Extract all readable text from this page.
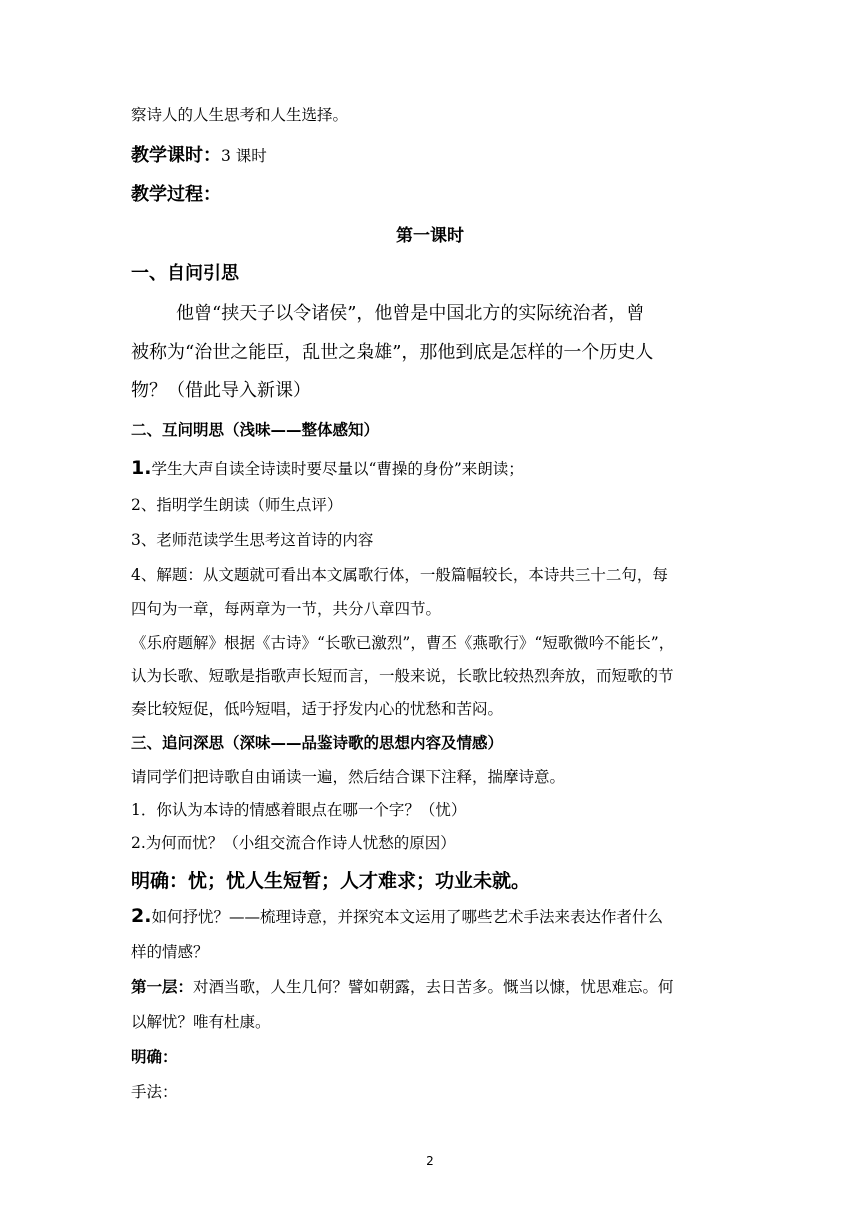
察诗人的人生思考和人生选择。
教学课时：3 课时
教学过程：
第一课时
一、自问引思
他曾“挟天子以令诸侯”，他曾是中国北方的实际统治者，曾
被称为“治世之能臣，乱世之枭雄”，那他到底是怎样的一个历史人
物？（借此导入新课）
二、互问明思（浅味——整体感知）
1.学生大声自读全诗读时要尽量以“曹操的身份”来朗读；
2、指明学生朗读（师生点评）
3、老师范读学生思考这首诗的内容
4、解题：从文题就可看出本文属歌行体，一般篇幅较长，本诗共三十二句，每
四句为一章，每两章为一节，共分八章四节。
《乐府题解》根据《古诗》“长歌已激烈”，曹丕《燕歌行》“短歌微吟不能长”，
认为长歌、短歌是指歌声长短而言，一般来说，长歌比较热烈奔放，而短歌的节
奏比较短促，低吟短唱，适于抒发内心的忧愁和苦闷。
三、追问深思（深味——品鉴诗歌的思想内容及情感）
请同学们把诗歌自由诵读一遍，然后结合课下注释，揣摩诗意。
1．你认为本诗的情感着眼点在哪一个字？（忧）
2.为何而忧？（小组交流合作诗人忧愁的原因）
明确：忧；忧人生短暂；人才难求；功业未就。
2.如何抒忧？——梳理诗意，并探究本文运用了哪些艺术手法来表达作者什么
样的情感？
第一层：对酒当歌，人生几何？譬如朝露，去日苦多。慨当以慷，忧思难忘。何
以解忧？唯有杜康。
明确：
手法：
2
